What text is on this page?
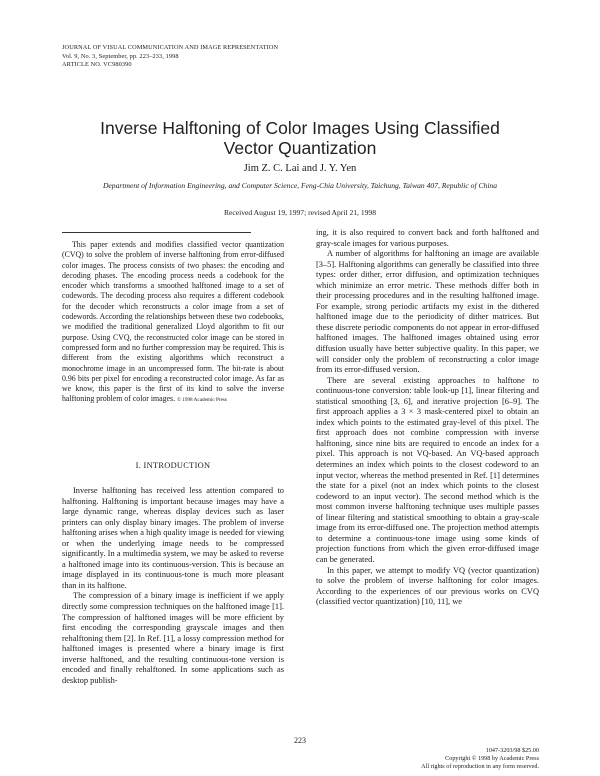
JOURNAL OF VISUAL COMMUNICATION AND IMAGE REPRESENTATION
Vol. 9, No. 3, September, pp. 223–233, 1998
ARTICLE NO. VC980390
Inverse Halftoning of Color Images Using Classified
Vector Quantization
Jim Z. C. Lai and J. Y. Yen
Department of Information Engineering, and Computer Science, Feng-Chia University, Taichung, Taiwan 407, Republic of China
Received August 19, 1997; revised April 21, 1998
This paper extends and modifies classified vector quantization (CVQ) to solve the problem of inverse halftoning from error-diffused color images. The process consists of two phases: the encoding and decoding phases. The encoding process needs a codebook for the encoder which transforms a smoothed halftoned image to a set of codewords. The decoding process also requires a different codebook for the decoder which reconstructs a color image from a set of codewords. According the relationships between these two codebooks, we modified the traditional generalized Lloyd algorithm to fit our purpose. Using CVQ, the reconstructed color image can be stored in compressed form and no further compression may be required. This is different from the existing algorithms which reconstruct a monochrome image in an uncompressed form. The bit-rate is about 0.96 bits per pixel for encoding a reconstructed color image. As far as we know, this paper is the first of its kind to solve the inverse halftoning problem of color images. © 1998 Academic Press
I. INTRODUCTION

Inverse halftoning has received less attention compared to halftoning. Halftoning is important because images may have a large dynamic range, whereas display devices such as laser printers can only display binary images. The problem of inverse halftoning arises when a high quality image is needed for viewing or when the underlying image needs to be compressed significantly. In a multimedia system, we may be asked to reverse a halftoned image into its continuous-version. This is because an image displayed in its continuous-tone is much more pleasant than in its halftone.

The compression of a binary image is inefficient if we apply directly some compression techniques on the halftoned image [1]. The compression of halftoned images will be more efficient by first encoding the corresponding grayscale images and then rehalftoning them [2]. In Ref. [1], a lossy compression method for halftoned images is presented where a binary image is first inverse halftoned, and the resulting continuous-tone version is encoded and finally rehalftoned. In some applications such as desktop publish-

ing, it is also required to convert back and forth halftoned and gray-scale images for various purposes.

A number of algorithms for halftoning an image are available [3–5]. Halftoning algorithms can generally be classified into three types: order dither, error diffusion, and optimization techniques which minimize an error metric. These methods differ both in their processing procedures and in the resulting halftoned image. For example, strong periodic artifacts my exist in the dithered halftoned image due to the periodicity of dither matrices. But these discrete periodic components do not appear in error-diffused halftoned images. The halftoned images obtained using error diffusion usually have better subjective quality. In this paper, we will consider only the problem of reconstructing a color image from its error-diffused version.

There are several existing approaches to halftone to continuous-tone conversion: table look-up [1], linear filtering and statistical smoothing [3, 6], and iterative projection [6–9]. The first approach applies a 3 × 3 mask-centered pixel to obtain an index which points to the estimated gray-level of this pixel. The first approach does not combine compression with inverse halftoning, since nine bits are required to encode an index for a pixel. This approach is not VQ-based. An VQ-based approach determines an index which points to the closest codeword to an input vector, whereas the method presented in Ref. [1] determines the state for a pixel (not an index which points to the closest codeword to an input vector). The second method which is the most common inverse halftoning technique uses multiple passes of linear filtering and statistical smoothing to obtain a gray-scale image from its error-diffused one. The projection method attempts to determine a continuous-tone image using some kinds of projection functions from which the given error-diffused image can be generated.

In this paper, we attempt to modify VQ (vector quantization) to solve the problem of inverse halftoning for color images. According to the experiences of our previous works on CVQ (classified vector quantization) [10, 11], we

223
1047-3203/98 $25.00
Copyright © 1998 by Academic Press
All rights of reproduction in any form reserved.
